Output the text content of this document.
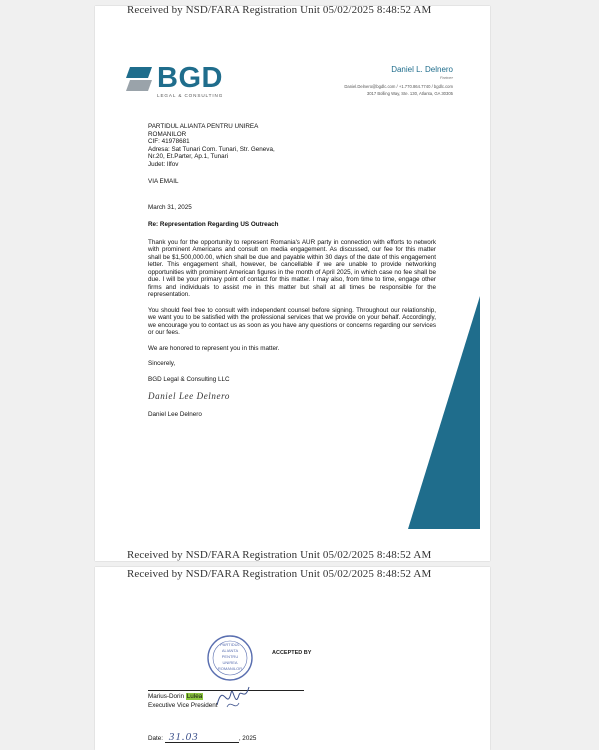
BGD
LEGAL & CONSULTING
Daniel L. Delnero
Partner
Daniel.Delnero@bgdlc.com / +1.770.864.7740 / bgdlc.com
3017 Bolling Way, Ste. 130, Atlanta, GA 30305

PARTIDUL ALIANTA PENTRU UNIREA ROMANILOR

CIF: 41978681

Adresa: Sat Tunari Com. Tunari, Str. Geneva, Nr.20, Et.Parter, Ap.1, Tunari

Judet: Ilfov

VIA EMAIL

March 31, 2025

Re: Representation Regarding US Outreach

Thank you for the opportunity to represent Romania's AUR party in connection with efforts to network with prominent Americans and consult on media engagement. As discussed, our fee for this matter shall be $1,500,000.00, which shall be due and payable within 30 days of the date of this engagement letter. This engagement shall, however, be cancellable if we are unable to provide networking opportunities with prominent American figures in the month of April 2025, in which case no fee shall be due. I will be your primary point of contact for this matter. I may also, from time to time, engage other firms and individuals to assist me in this matter but shall at all times be responsible for the representation.

You should feel free to consult with independent counsel before signing. Throughout our relationship, we want you to be satisfied with the professional services that we provide on your behalf. Accordingly, we encourage you to contact us as soon as you have any questions or concerns regarding our services or our fees.

We are honored to represent you in this matter.

Sincerely,

BGD Legal & Consulting LLC

Daniel Lee Delnero

Daniel Lee Delnero

PARTIDUL
ALIANTA
PENTRU
UNIREA
ROMANILOR
ACCEPTED BY
Marius-Dorin Lulea
Executive Vice President
Date: 31.03	, 2025
Received by NSD/FARA Registration Unit 05/02/2025 8:48:52 AM
Received by NSD/FARA Registration Unit 05/02/2025 8:48:52 AM
Received by NSD/FARA Registration Unit 05/02/2025 8:48:52 AM
